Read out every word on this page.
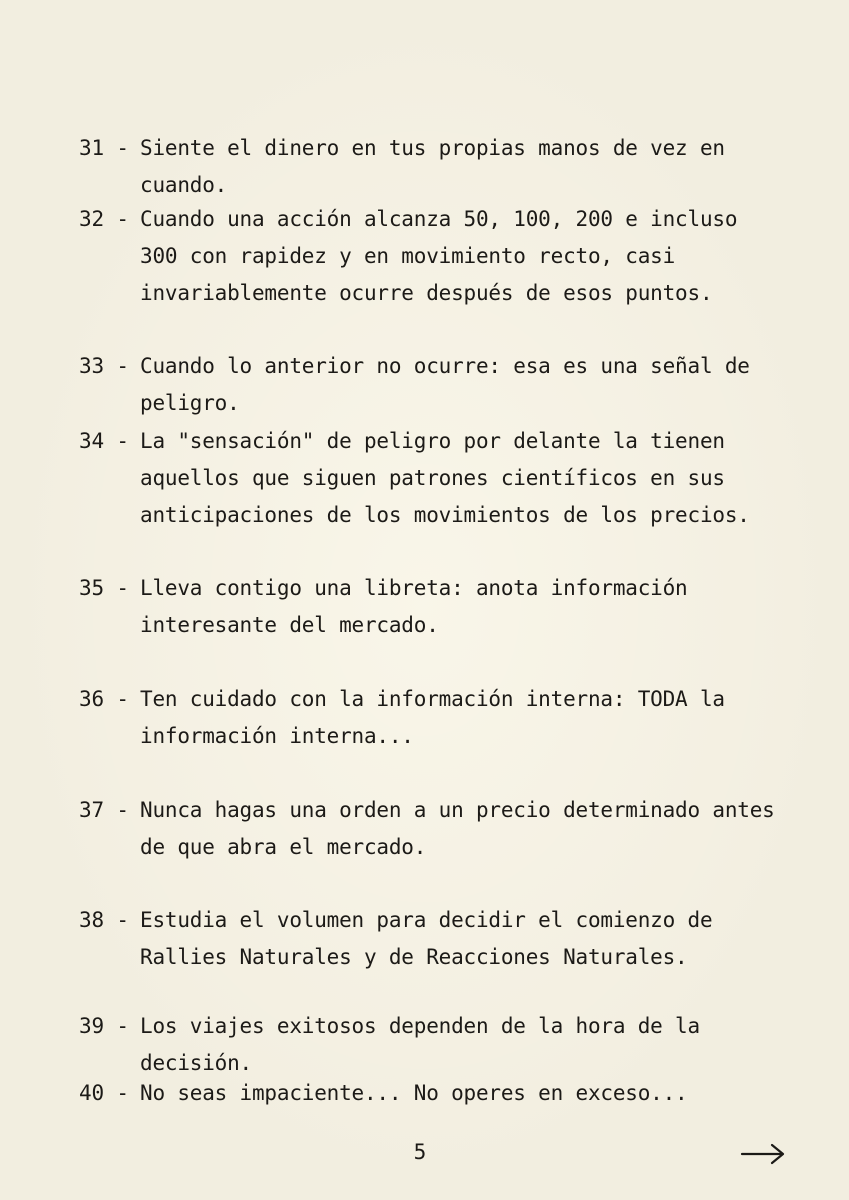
31 - Siente el dinero en tus propias manos de vez en cuando.
32 - Cuando una acción alcanza 50, 100, 200 e incluso 300 con rapidez y en movimiento recto, casi invariablemente ocurre después de esos puntos.
33 - Cuando lo anterior no ocurre: esa es una señal de peligro.
34 - La "sensación" de peligro por delante la tienen aquellos que siguen patrones científicos en sus anticipaciones de los movimientos de los precios.
35 - Lleva contigo una libreta: anota información interesante del mercado.
36 - Ten cuidado con la información interna: TODA la información interna...
37 - Nunca hagas una orden a un precio determinado antes de que abra el mercado.
38 - Estudia el volumen para decidir el comienzo de Rallies Naturales y de Reacciones Naturales.
39 - Los viajes exitosos dependen de la hora de la decisión.
40 - No seas impaciente... No operes en exceso...
5
